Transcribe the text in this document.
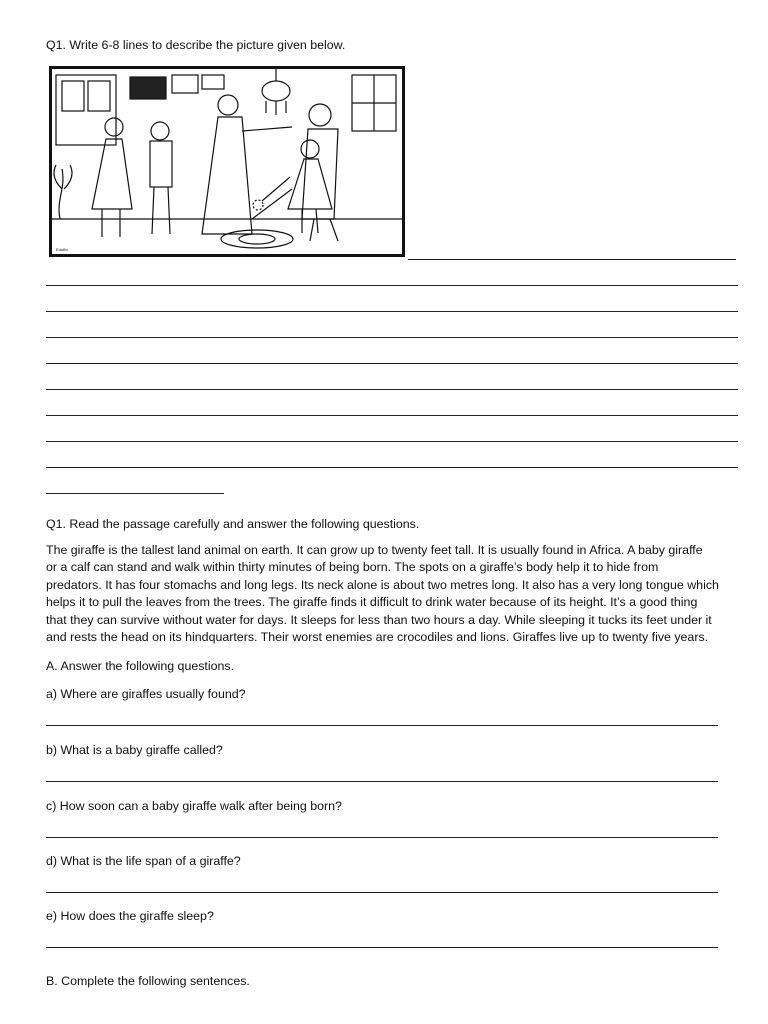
Q1. Write 6-8 lines to describe the picture given below.
Eduflix
Q1. Read the passage carefully and answer the following questions.
The giraffe is the tallest land animal on earth. It can grow up to twenty feet tall. It is usually found in Africa. A baby giraffe
or a calf can stand and walk within thirty minutes of being born. The spots on a giraffe’s body help it to hide from
predators. It has four stomachs and long legs. Its neck alone is about two metres long. It also has a very long tongue which
helps it to pull the leaves from the trees. The giraffe finds it difficult to drink water because of its height. It’s a good thing
that they can survive without water for days. It sleeps for less than two hours a day. While sleeping it tucks its feet under it
and rests the head on its hindquarters. Their worst enemies are crocodiles and lions. Giraffes live up to twenty five years.
A. Answer the following questions.
a) Where are giraffes usually found?
b) What is a baby giraffe called?
c) How soon can a baby giraffe walk after being born?
d) What is the life span of a giraffe?
e) How does the giraffe sleep?
B. Complete the following sentences.
